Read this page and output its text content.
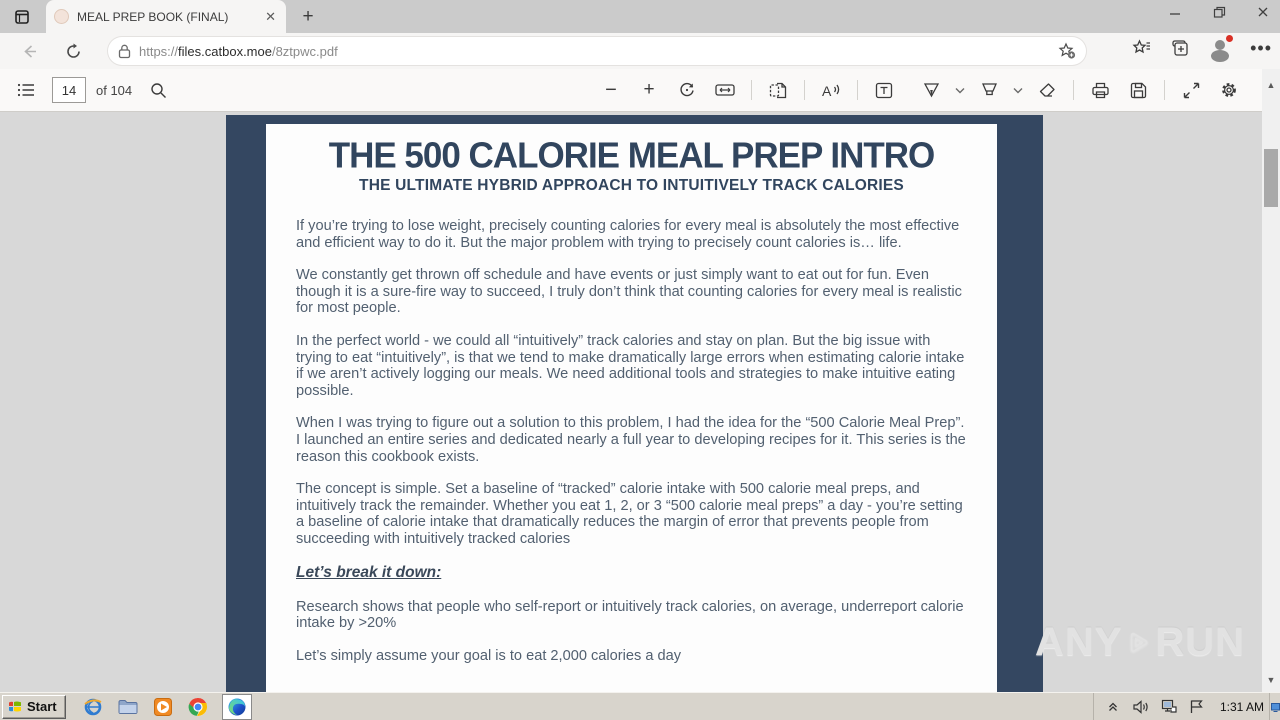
MEAL PREP BOOK (FINAL)	✕	+
https://files.catbox.moe/8ztpwc.pdf	•••
14	of 104	− +	A
THE 500 CALORIE MEAL PREP INTRO
THE ULTIMATE HYBRID APPROACH TO INTUITIVELY TRACK CALORIES

If you’re trying to lose weight, precisely counting calories for every meal is absolutely the most effective and efficient way to do it. But the major problem with trying to precisely count calories is… life.

We constantly get thrown off schedule and have events or just simply want to eat out for fun. Even though it is a sure-fire way to succeed, I truly don’t think that counting calories for every meal is realistic for most people.

In the perfect world - we could all “intuitively” track calories and stay on plan. But the big issue with trying to eat “intuitively”, is that we tend to make dramatically large errors when estimating calorie intake if we aren’t actively logging our meals. We need additional tools and strategies to make intuitive eating possible.

When I was trying to figure out a solution to this problem, I had the idea for the “500 Calorie Meal Prep”. I launched an entire series and dedicated nearly a full year to developing recipes for it. This series is the reason this cookbook exists.

The concept is simple. Set a baseline of “tracked” calorie intake with 500 calorie meal preps, and intuitively track the remainder. Whether you eat 1, 2, or 3 “500 calorie meal preps” a day - you’re setting a baseline of calorie intake that dramatically reduces the margin of error that prevents people from succeeding with intuitively tracked calories

Let’s break it down:

Research shows that people who self-report or intuitively track calories, on average, underreport calorie intake by >20%

Let’s simply assume your goal is to eat 2,000 calories a day	ANY RUN
▲
▼
Start	1:31 AM
